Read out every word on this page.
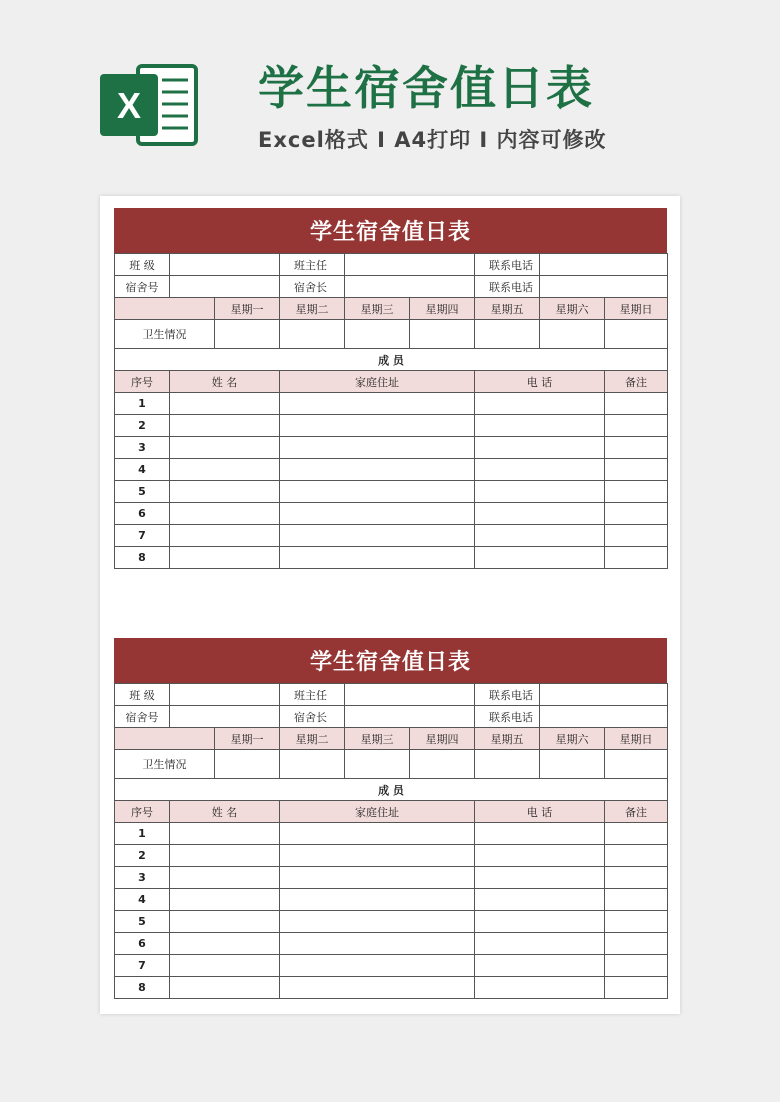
X	学生宿舍值日表
Excel格式 I A4打印 I 内容可修改
学生宿舍值日表
班 级			班主任			联系电话		
宿舍号			宿舍长			联系电话		
		星期一	星期二	星期三	星期四	星期五	星期六	星期日
卫生情况								
成 员								
序号	姓 名		家庭住址			电 话		备注
1								
2								
3								
4								
5								
6								
7								
8								
学生宿舍值日表
班 级			班主任			联系电话		
宿舍号			宿舍长			联系电话		
		星期一	星期二	星期三	星期四	星期五	星期六	星期日
卫生情况								
成 员								
序号	姓 名		家庭住址			电 话		备注
1								
2								
3								
4								
5								
6								
7								
8								
